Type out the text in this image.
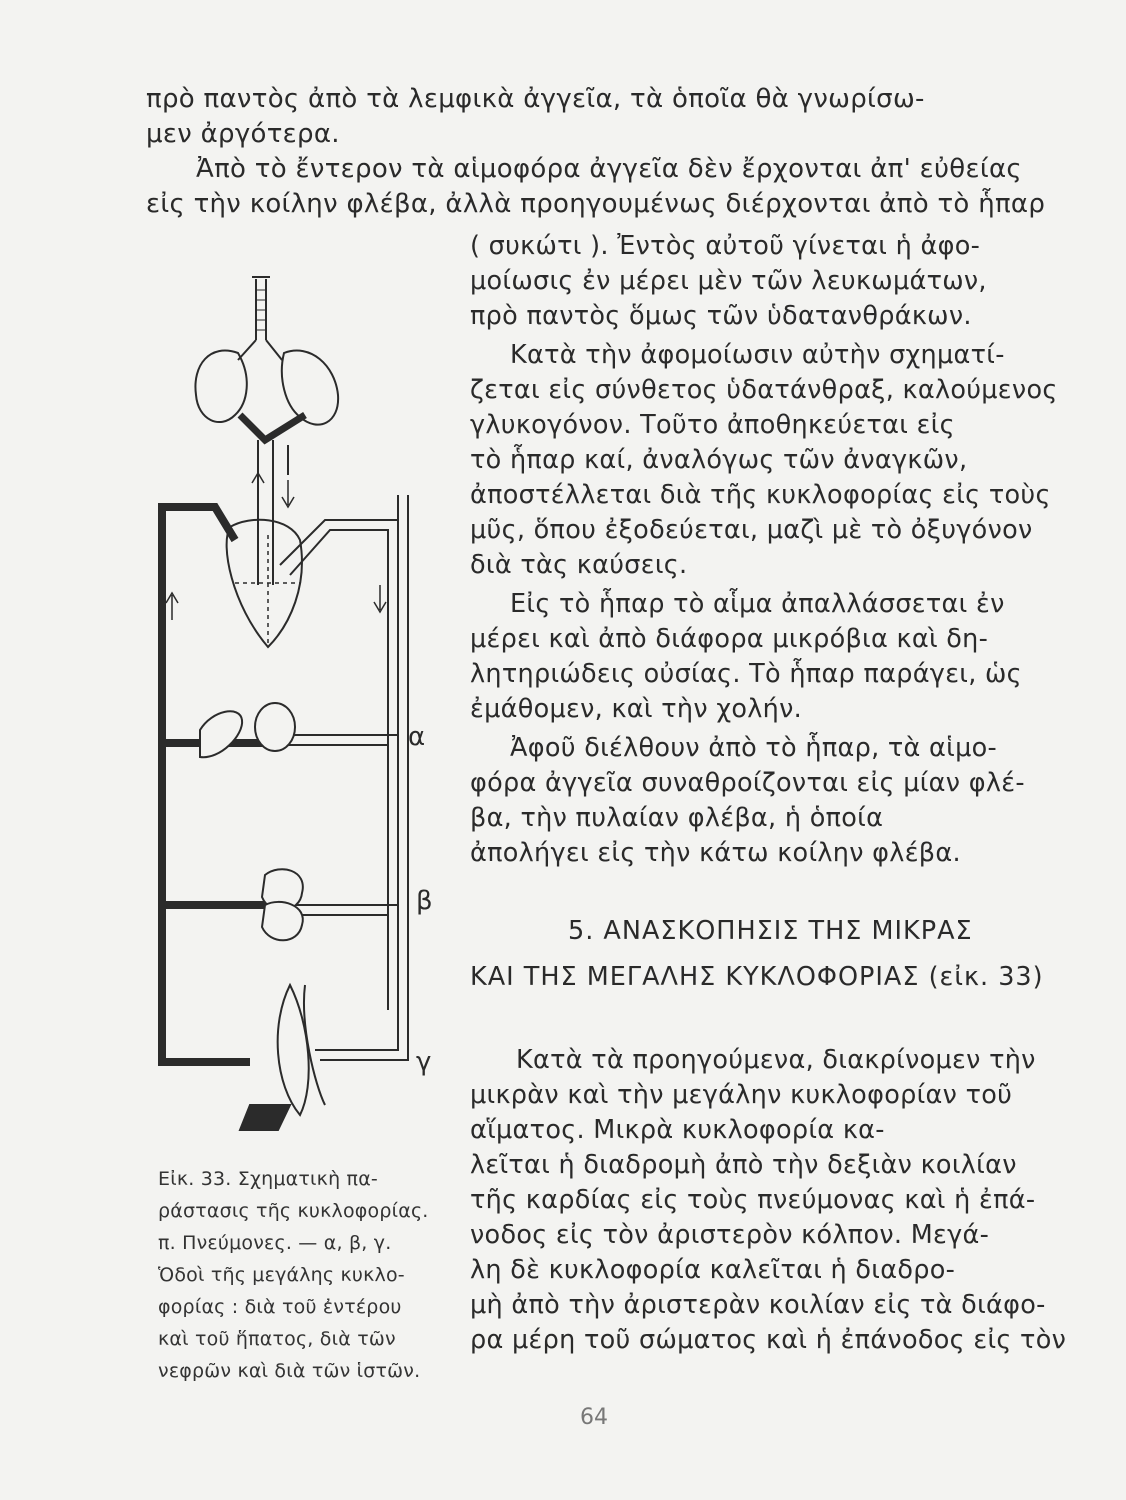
πρὸ παντὸς ἀπὸ τὰ λεμφικὰ ἀγγεῖα, τὰ ὁποῖα θὰ γνωρίσω-
μεν ἀργότερα.
Ἀπὸ τὸ ἔντερον τὰ αἱμοφόρα ἀγγεῖα δὲν ἔρχονται ἀπ' εὐθείας
εἰς τὴν κοίλην φλέβα, ἀλλὰ προηγουμένως διέρχονται ἀπὸ τὸ ἧπαρ
( συκώτι ). Ἐντὸς αὐτοῦ γίνεται ἡ ἀφο-
μοίωσις ἐν μέρει μὲν τῶν λευκωμάτων,
πρὸ παντὸς ὅμως τῶν ὑδατανθράκων.
Κατὰ τὴν ἀφομοίωσιν αὐτὴν σχηματί-
ζεται εἰς σύνθετος ὑδατάνθραξ, καλούμενος
γλυκογόνον. Τοῦτο ἀποθηκεύεται εἰς
τὸ ἧπαρ καί, ἀναλόγως τῶν ἀναγκῶν,
ἀποστέλλεται διὰ τῆς κυκλοφορίας εἰς τοὺς
μῦς, ὅπου ἐξοδεύεται, μαζὶ μὲ τὸ ὀξυγόνον
διὰ τὰς καύσεις.
Εἰς τὸ ἧπαρ τὸ αἷμα ἀπαλλάσσεται ἐν
μέρει καὶ ἀπὸ διάφορα μικρόβια καὶ δη-
λητηριώδεις οὐσίας. Τὸ ἧπαρ παράγει, ὡς
ἐμάθομεν, καὶ τὴν χολήν.
Ἀφοῦ διέλθουν ἀπὸ τὸ ἧπαρ, τὰ αἱμο-
φόρα ἀγγεῖα συναθροίζονται εἰς μίαν φλέ-
βα, τὴν πυλαίαν φλέβα, ἡ ὁποία
ἀπολήγει εἰς τὴν κάτω κοίλην φλέβα.
5. ΑΝΑΣΚΟΠΗΣΙΣ ΤΗΣ ΜΙΚΡΑΣ
ΚΑΙ ΤΗΣ ΜΕΓΑΛΗΣ ΚΥΚΛΟΦΟΡΙΑΣ (εἰκ. 33)
Κατὰ τὰ προηγούμενα, διακρίνομεν τὴν
μικρὰν καὶ τὴν μεγάλην κυκλοφορίαν τοῦ
αἵματος. Μικρὰ κυκλοφορία κα-
λεῖται ἡ διαδρομὴ ἀπὸ τὴν δεξιὰν κοιλίαν
τῆς καρδίας εἰς τοὺς πνεύμονας καὶ ἡ ἐπά-
νοδος εἰς τὸν ἀριστερὸν κόλπον. Μεγά-
λη δὲ κυκλοφορία καλεῖται ἡ διαδρο-
μὴ ἀπὸ τὴν ἀριστερὰν κοιλίαν εἰς τὰ διάφο-
ρα μέρη τοῦ σώματος καὶ ἡ ἐπάνοδος εἰς τὸν
α
β
γ
Εἰκ. 33. Σχηματικὴ πα-
ράστασις τῆς κυκλοφορίας.
π. Πνεύμονες. — α, β, γ.
Ὁδοὶ τῆς μεγάλης κυκλο-
φορίας : διὰ τοῦ ἐντέρου
καὶ τοῦ ἥπατος, διὰ τῶν
νεφρῶν καὶ διὰ τῶν ἱστῶν.
64
